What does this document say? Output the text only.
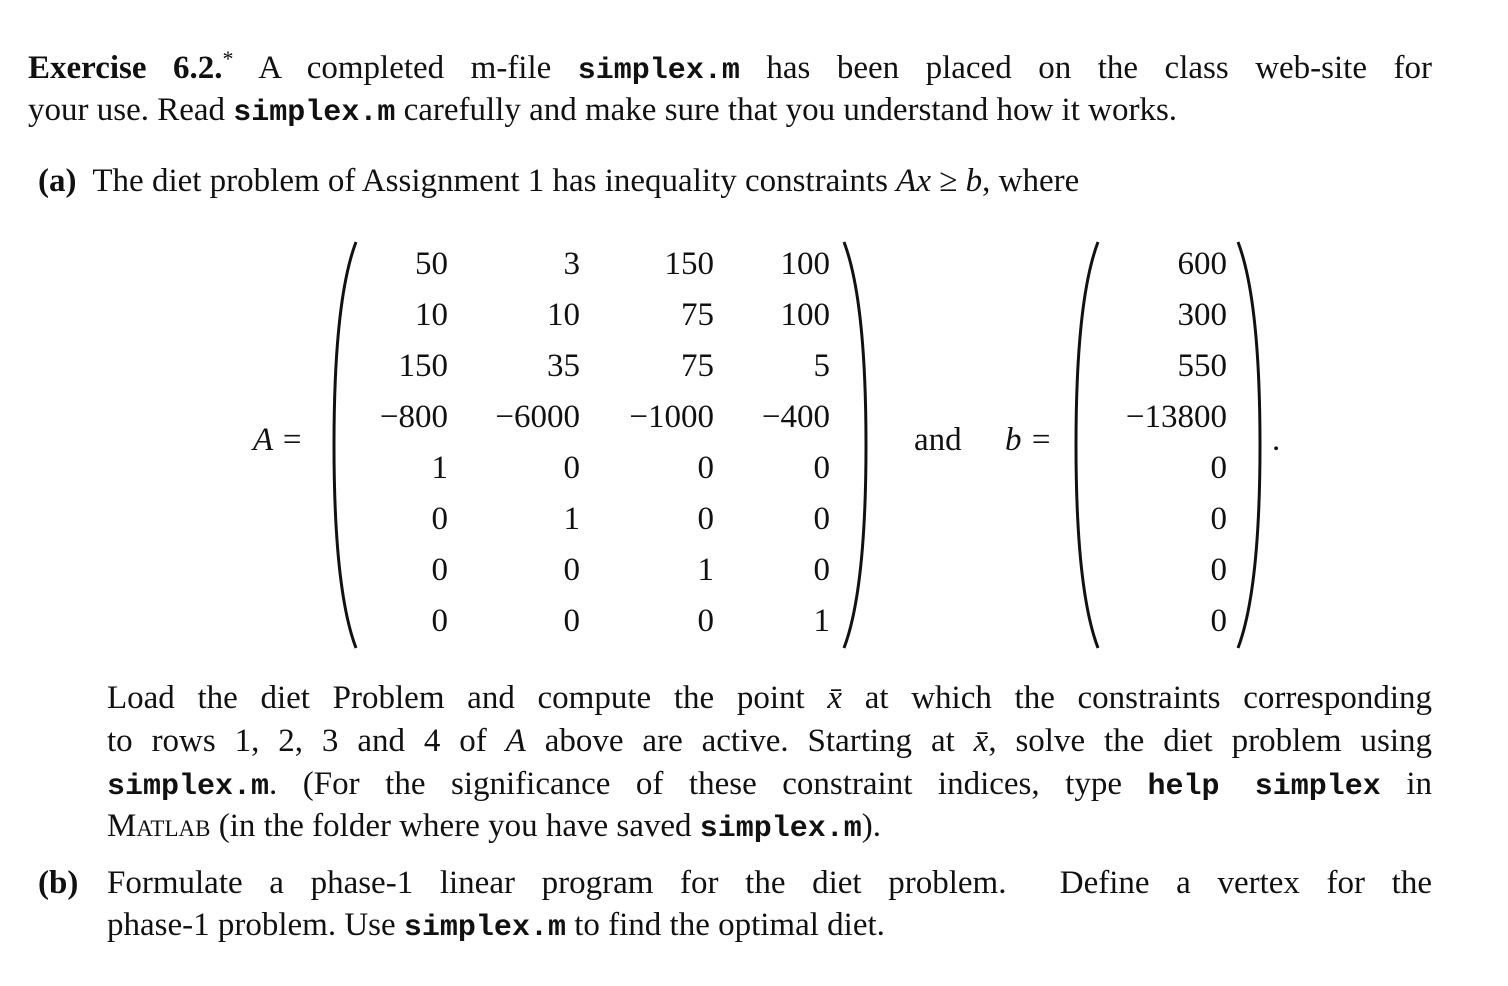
(b)
A =	and b =	.
Exercise 6.2.* A completed m-file simplex.m has been placed on the class web-site for
your use. Read simplex.m carefully and make sure that you understand how it works.
(a)  The diet problem of Assignment 1 has inequality constraints Ax ≥ b, where
Load the diet Problem and compute the point x̄ at which the constraints corresponding
to rows 1, 2, 3 and 4 of A above are active. Starting at x̄, solve the diet problem using
simplex.m. (For the significance of these constraint indices, type help simplex in
Matlab (in the folder where you have saved simplex.m).
Formulate a phase-1 linear program for the diet problem.  Define a vertex for the
phase-1 problem. Use simplex.m to find the optimal diet.
50	3	150	100
10	10	75	100
150	35	75	5
−800	−6000	−1000	−400
1	0	0	0
0	1	0	0
0	0	1	0
0	0	0	1
600
300
550
−13800
0
0
0
0
